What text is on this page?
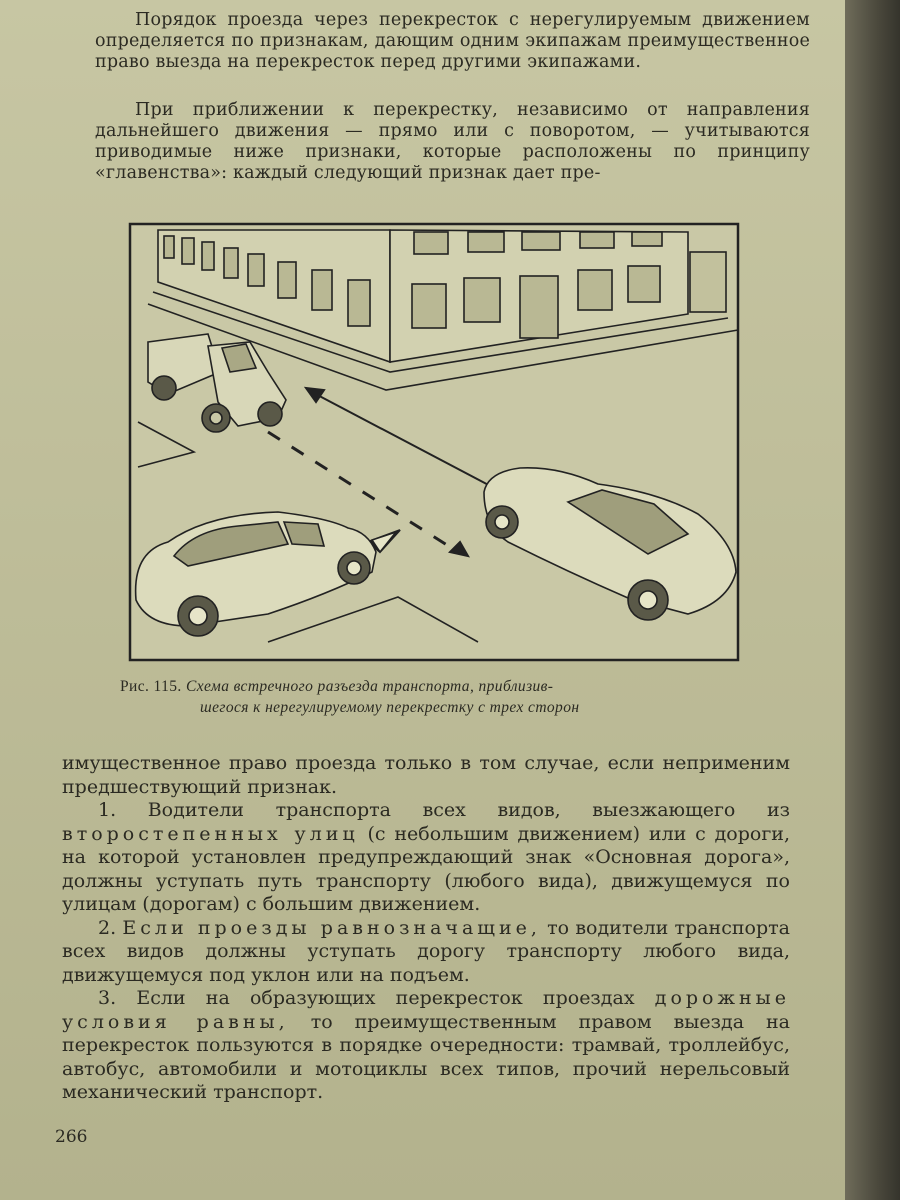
Порядок проезда через перекресток с нерегулируемым движением определяется по признакам, дающим одним экипажам преимущественное право выезда на перекресток перед другими экипажами.
При приближении к перекрестку, независимо от направления дальнейшего движения — прямо или с поворотом, — учитываются приводимые ниже признаки, которые расположены по принципу «главенства»: каждый следующий признак дает пре-
Рис. 115. Схема встречного разъезда транспорта, приблизив-
шегося к нерегулируемому перекрестку с трех сторон

имущественное право проезда только в том случае, если неприменим предшествующий признак.

1. Водители транспорта всех видов, выезжающего из второстепенных улиц (с небольшим движением) или с дороги, на которой установлен предупреждающий знак «Основная дорога», должны уступать путь транспорту (любого вида), движущемуся по улицам (дорогам) с большим движением.

2. Если проезды равнозначащие, то водители транспорта всех видов должны уступать дорогу транспорту любого вида, движущемуся под уклон или на подъем.

3. Если на образующих перекресток проездах дорожные условия равны, то преимущественным правом выезда на перекресток пользуются в порядке очередности: трамвай, троллейбус, автобус, автомобили и мотоциклы всех типов, прочий нерельсовый механический транспорт.

266
